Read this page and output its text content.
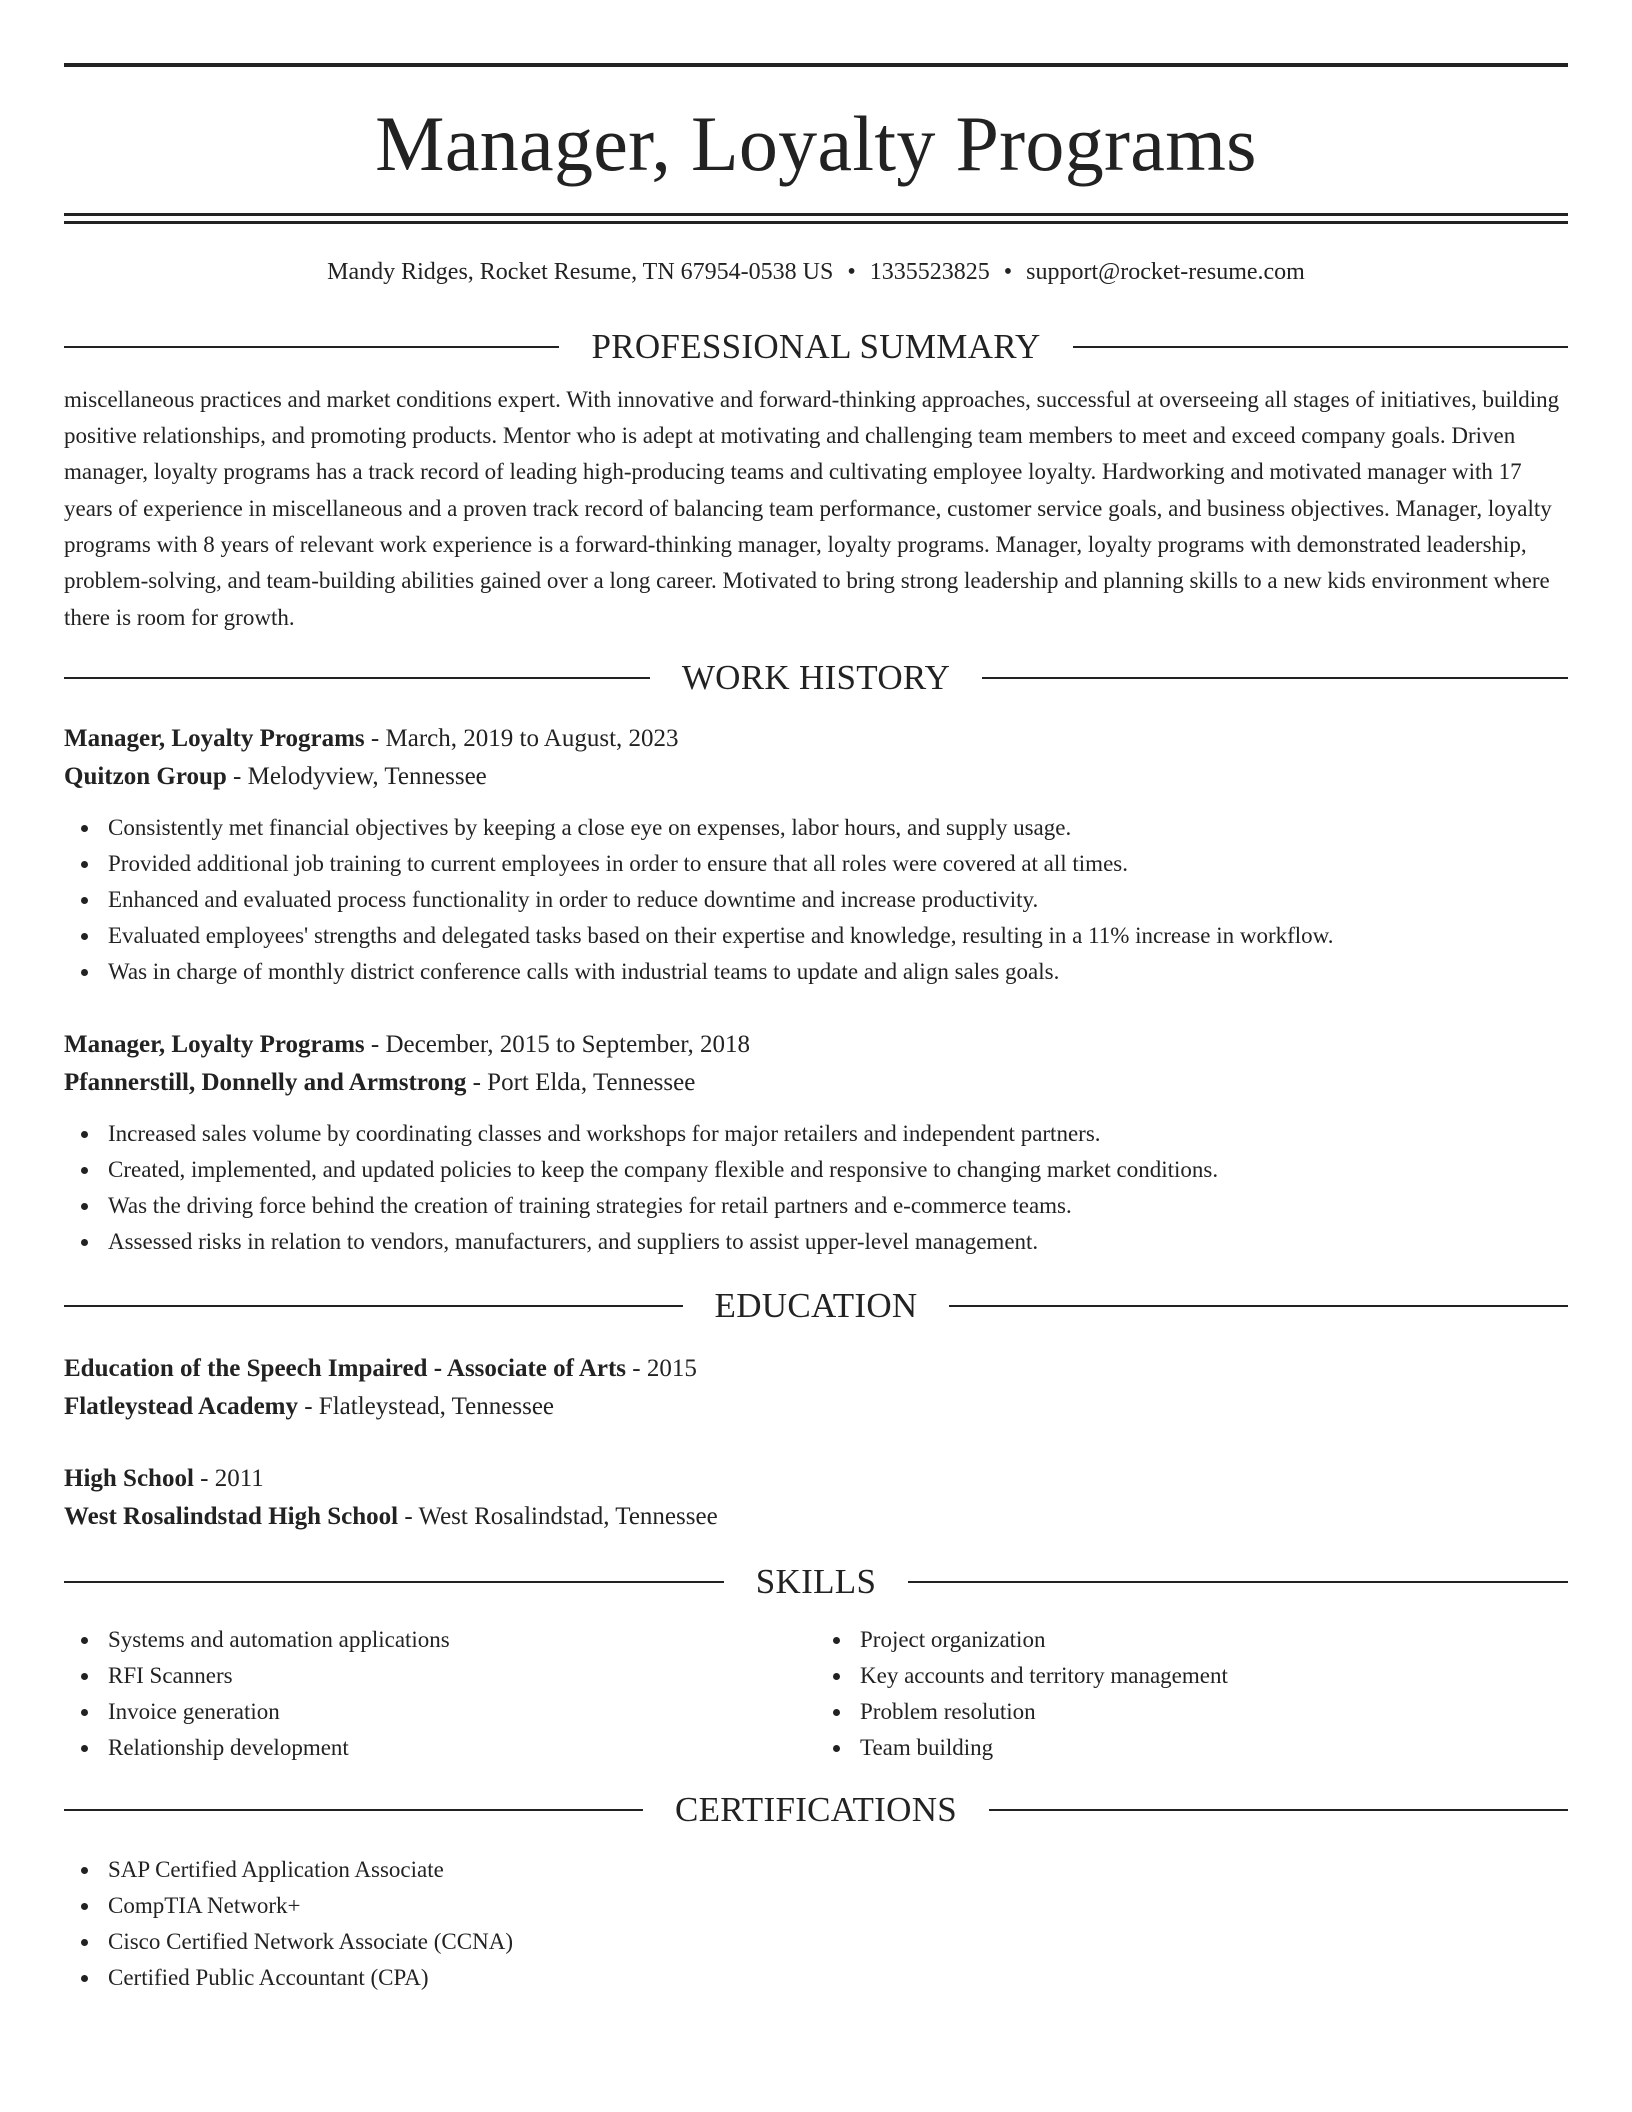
Manager, Loyalty Programs
Mandy Ridges, Rocket Resume, TN 67954-0538 US • 1335523825 • support@rocket-resume.com
PROFESSIONAL SUMMARY

miscellaneous practices and market conditions expert. With innovative and forward-thinking approaches, successful at overseeing all stages of initiatives, building positive relationships, and promoting products. Mentor who is adept at motivating and challenging team members to meet and exceed company goals. Driven manager, loyalty programs has a track record of leading high-producing teams and cultivating employee loyalty. Hardworking and motivated manager with 17 years of experience in miscellaneous and a proven track record of balancing team performance, customer service goals, and business objectives. Manager, loyalty programs with 8 years of relevant work experience is a forward-thinking manager, loyalty programs. Manager, loyalty programs with demonstrated leadership, problem-solving, and team-building abilities gained over a long career. Motivated to bring strong leadership and planning skills to a new kids environment where there is room for growth.

WORK HISTORY
Manager, Loyalty Programs - March, 2019 to August, 2023
Quitzon Group - Melodyview, Tennessee
Consistently met financial objectives by keeping a close eye on expenses, labor hours, and supply usage.
Provided additional job training to current employees in order to ensure that all roles were covered at all times.
Enhanced and evaluated process functionality in order to reduce downtime and increase productivity.
Evaluated employees' strengths and delegated tasks based on their expertise and knowledge, resulting in a 11% increase in workflow.
Was in charge of monthly district conference calls with industrial teams to update and align sales goals.
Manager, Loyalty Programs - December, 2015 to September, 2018
Pfannerstill, Donnelly and Armstrong - Port Elda, Tennessee
Increased sales volume by coordinating classes and workshops for major retailers and independent partners.
Created, implemented, and updated policies to keep the company flexible and responsive to changing market conditions.
Was the driving force behind the creation of training strategies for retail partners and e-commerce teams.
Assessed risks in relation to vendors, manufacturers, and suppliers to assist upper-level management.
EDUCATION
Education of the Speech Impaired - Associate of Arts - 2015
Flatleystead Academy - Flatleystead, Tennessee
High School - 2011
West Rosalindstad High School - West Rosalindstad, Tennessee
SKILLS
Systems and automation applications
RFI Scanners
Invoice generation
Relationship development
Project organization
Key accounts and territory management
Problem resolution
Team building
CERTIFICATIONS
SAP Certified Application Associate
CompTIA Network+
Cisco Certified Network Associate (CCNA)
Certified Public Accountant (CPA)
